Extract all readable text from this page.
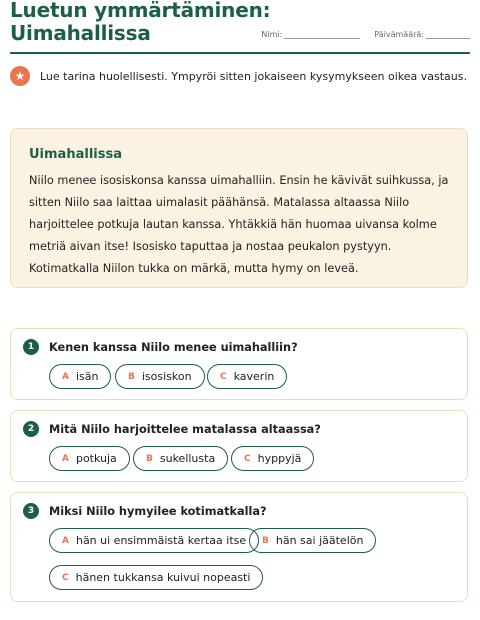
Luetun ymmärtäminen:
Uimahallissa	Nimi:	Päivämäärä:
★	Lue tarina huolellisesti. Ympyröi sitten jokaiseen kysymykseen oikea vastaus.
Uimahallissa
Niilo menee isosiskonsa kanssa uimahalliin. Ensin he kävivät suihkussa, ja
sitten Niilo saa laittaa uimalasit päähänsä. Matalassa altaassa Niilo
harjoittelee potkuja lautan kanssa. Yhtäkkiä hän huomaa uivansa kolme
metriä aivan itse! Isosisko taputtaa ja nostaa peukalon pystyyn.
Kotimatkalla Niilon tukka on märkä, mutta hymy on leveä.
1	Kenen kanssa Niilo menee uimahalliin?
A isän	B isosiskon	C kaverin
2	Mitä Niilo harjoittelee matalassa altaassa?
A potkuja	B sukellusta	C hyppyjä
3	Miksi Niilo hymyilee kotimatkalla?
A hän ui ensimmäistä kertaa itse B hän sai jäätelön
C hänen tukkansa kuivui nopeasti
